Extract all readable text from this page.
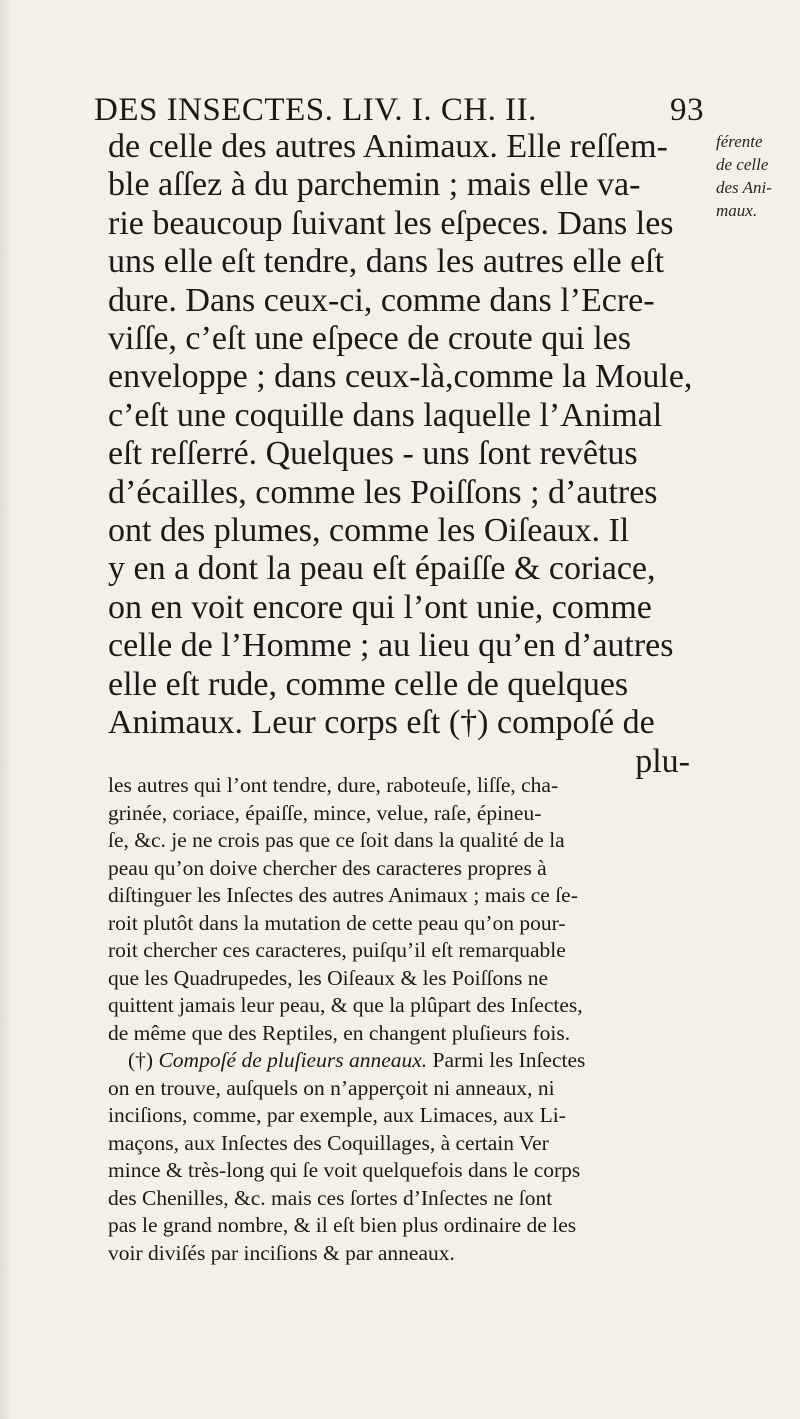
DES INSECTES. LIV. I. CH. II.	93
de celle des autres Animaux. Elle reſſem-
ble aſſez à du parchemin ; mais elle va-
rie beaucoup ſuivant les eſpeces. Dans les
uns elle eſt tendre, dans les autres elle eſt
dure. Dans ceux-ci, comme dans l’Ecre-
viſſe, c’eſt une eſpece de croute qui les
enveloppe ; dans ceux-là,comme la Moule,
c’eſt une coquille dans laquelle l’Animal
eſt reſſerré. Quelques - uns ſont revêtus
d’écailles, comme les Poiſſons ; d’autres
ont des plumes, comme les Oiſeaux. Il
y en a dont la peau eſt épaiſſe & coriace,
on en voit encore qui l’ont unie, comme
celle de l’Homme ; au lieu qu’en d’autres
elle eſt rude, comme celle de quelques
Animaux. Leur corps eſt (†) compoſé de
plu-
férente
de celle
des Ani-
maux.
les autres qui l’ont tendre, dure, raboteuſe, liſſe, cha-
grinée, coriace, épaiſſe, mince, velue, raſe, épineu-
ſe, &c. je ne crois pas que ce ſoit dans la qualité de la
peau qu’on doive chercher des caracteres propres à
diſtinguer les Inſectes des autres Animaux ; mais ce ſe-
roit plutôt dans la mutation de cette peau qu’on pour-
roit chercher ces caracteres, puiſqu’il eſt remarquable
que les Quadrupedes, les Oiſeaux & les Poiſſons ne
quittent jamais leur peau, & que la plûpart des Inſectes,
de même que des Reptiles, en changent pluſieurs fois.
(†) Compoſé de pluſieurs anneaux. Parmi les Inſectes
on en trouve, auſquels on n’apperçoit ni anneaux, ni
inciſions, comme, par exemple, aux Limaces, aux Li-
maçons, aux Inſectes des Coquillages, à certain Ver
mince & très-long qui ſe voit quelquefois dans le corps
des Chenilles, &c. mais ces ſortes d’Inſectes ne ſont
pas le grand nombre, & il eſt bien plus ordinaire de les
voir diviſés par inciſions & par anneaux.
